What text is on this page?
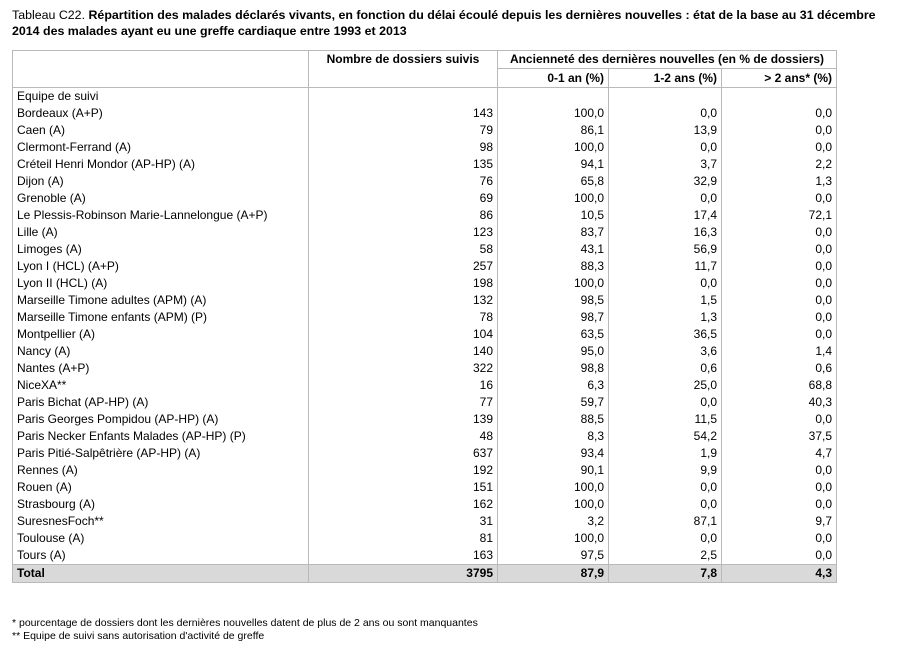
Tableau C22. Répartition des malades déclarés vivants, en fonction du délai écoulé depuis les dernières nouvelles : état de la base au 31 décembre 2014 des malades ayant eu une greffe cardiaque entre 1993 et 2013
	Nombre de dossiers suivis	Ancienneté des dernières nouvelles (en % de dossiers)		
		0-1 an (%)	1-2 ans (%)	> 2 ans* (%)
Equipe de suivi				
Bordeaux (A+P)	143	100,0	0,0	0,0
Caen (A)	79	86,1	13,9	0,0
Clermont-Ferrand (A)	98	100,0	0,0	0,0
Créteil Henri Mondor (AP-HP) (A)	135	94,1	3,7	2,2
Dijon (A)	76	65,8	32,9	1,3
Grenoble (A)	69	100,0	0,0	0,0
Le Plessis-Robinson Marie-Lannelongue (A+P)	86	10,5	17,4	72,1
Lille (A)	123	83,7	16,3	0,0
Limoges (A)	58	43,1	56,9	0,0
Lyon I (HCL) (A+P)	257	88,3	11,7	0,0
Lyon II (HCL) (A)	198	100,0	0,0	0,0
Marseille Timone adultes (APM) (A)	132	98,5	1,5	0,0
Marseille Timone enfants (APM) (P)	78	98,7	1,3	0,0
Montpellier (A)	104	63,5	36,5	0,0
Nancy (A)	140	95,0	3,6	1,4
Nantes (A+P)	322	98,8	0,6	0,6
NiceXA**	16	6,3	25,0	68,8
Paris Bichat (AP-HP) (A)	77	59,7	0,0	40,3
Paris Georges Pompidou (AP-HP) (A)	139	88,5	11,5	0,0
Paris Necker Enfants Malades (AP-HP) (P)	48	8,3	54,2	37,5
Paris Pitié-Salpêtrière (AP-HP) (A)	637	93,4	1,9	4,7
Rennes (A)	192	90,1	9,9	0,0
Rouen (A)	151	100,0	0,0	0,0
Strasbourg (A)	162	100,0	0,0	0,0
SuresnesFoch**	31	3,2	87,1	9,7
Toulouse (A)	81	100,0	0,0	0,0
Tours (A)	163	97,5	2,5	0,0
Total	3795	87,9	7,8	4,3
* pourcentage de dossiers dont les dernières nouvelles datent de plus de 2 ans ou sont manquantes
** Equipe de suivi sans autorisation d'activité de greffe
